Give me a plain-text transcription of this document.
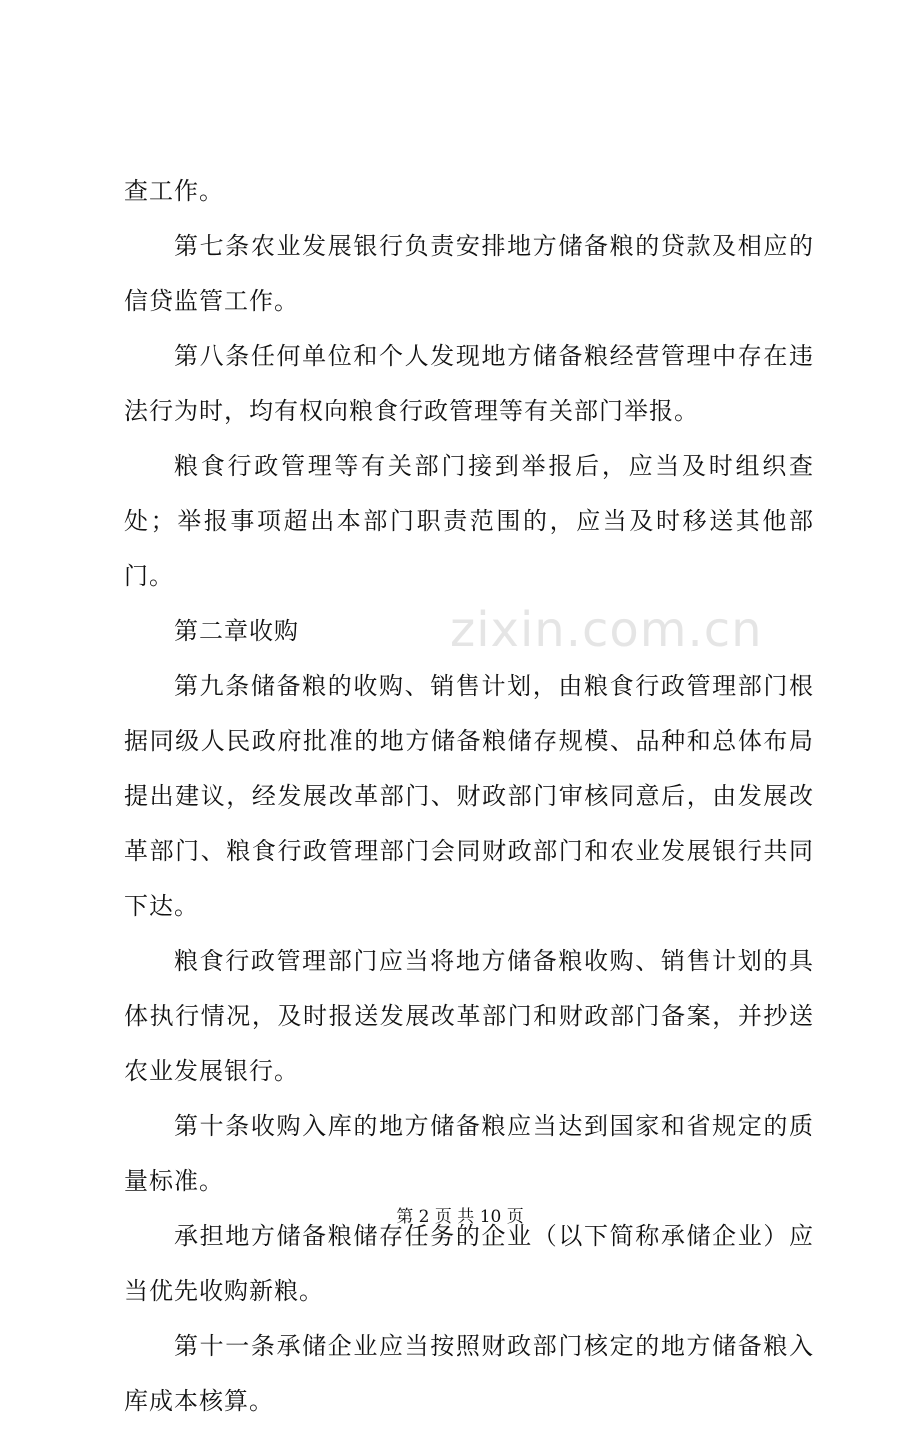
查工作。

第七条农业发展银行负责安排地方储备粮的贷款及相应的信贷监管工作。

第八条任何单位和个人发现地方储备粮经营管理中存在违法行为时，均有权向粮食行政管理等有关部门举报。

粮食行政管理等有关部门接到举报后，应当及时组织查处；举报事项超出本部门职责范围的，应当及时移送其他部门。

第二章收购

第九条储备粮的收购、销售计划，由粮食行政管理部门根据同级人民政府批准的地方储备粮储存规模、品种和总体布局提出建议，经发展改革部门、财政部门审核同意后，由发展改革部门、粮食行政管理部门会同财政部门和农业发展银行共同下达。

粮食行政管理部门应当将地方储备粮收购、销售计划的具体执行情况，及时报送发展改革部门和财政部门备案，并抄送农业发展银行。

第十条收购入库的地方储备粮应当达到国家和省规定的质量标准。

承担地方储备粮储存任务的企业（以下简称承储企业）应当优先收购新粮。

第十一条承储企业应当按照财政部门核定的地方储备粮入库成本核算。

zixin.com.cn
第 2 页 共 10 页
